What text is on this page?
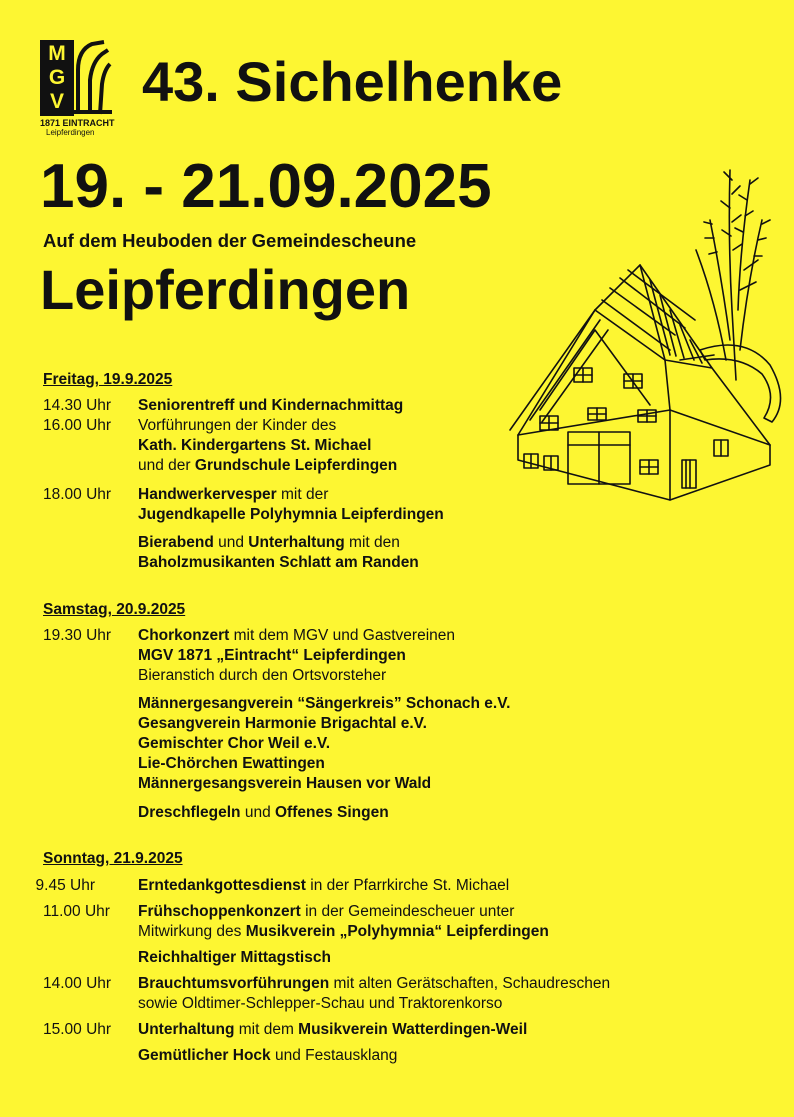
M
G
V
1871 EINTRACHT
Leipferdingen
43. Sichelhenke
19. - 21.09.2025
Auf dem Heuboden der Gemeindescheune
Leipferdingen
Freitag, 19.9.2025
14.30 Uhr	Seniorentreff und Kindernachmittag
16.00 Uhr	Vorführungen der Kinder des
Kath. Kindergartens St. Michael
und der Grundschule Leipferdingen
18.00 Uhr	Handwerkervesper mit der
Jugendkapelle Polyhymnia Leipferdingen
Bierabend und Unterhaltung mit den
Baholzmusikanten Schlatt am Randen
Samstag, 20.9.2025
19.30 Uhr	Chorkonzert mit dem MGV und Gastvereinen
MGV 1871 „Eintracht“ Leipferdingen
Bieranstich durch den Ortsvorsteher
Männergesangverein “Sängerkreis” Schonach e.V.
Gesangverein Harmonie Brigachtal e.V.
Gemischter Chor Weil e.V.
Lie-Chörchen Ewattingen
Männergesangsverein Hausen vor Wald
Dreschflegeln und Offenes Singen
Sonntag, 21.9.2025
9.45 Uhr	Erntedankgottesdienst in der Pfarrkirche St. Michael
11.00 Uhr	Frühschoppenkonzert in der Gemeindescheuer unter
Mitwirkung des Musikverein „Polyhymnia“ Leipferdingen
Reichhaltiger Mittagstisch
14.00 Uhr	Brauchtumsvorführungen mit alten Gerätschaften, Schaudreschen
sowie Oldtimer-Schlepper-Schau und Traktorenkorso
15.00 Uhr	Unterhaltung mit dem Musikverein Watterdingen-Weil
Gemütlicher Hock und Festausklang
